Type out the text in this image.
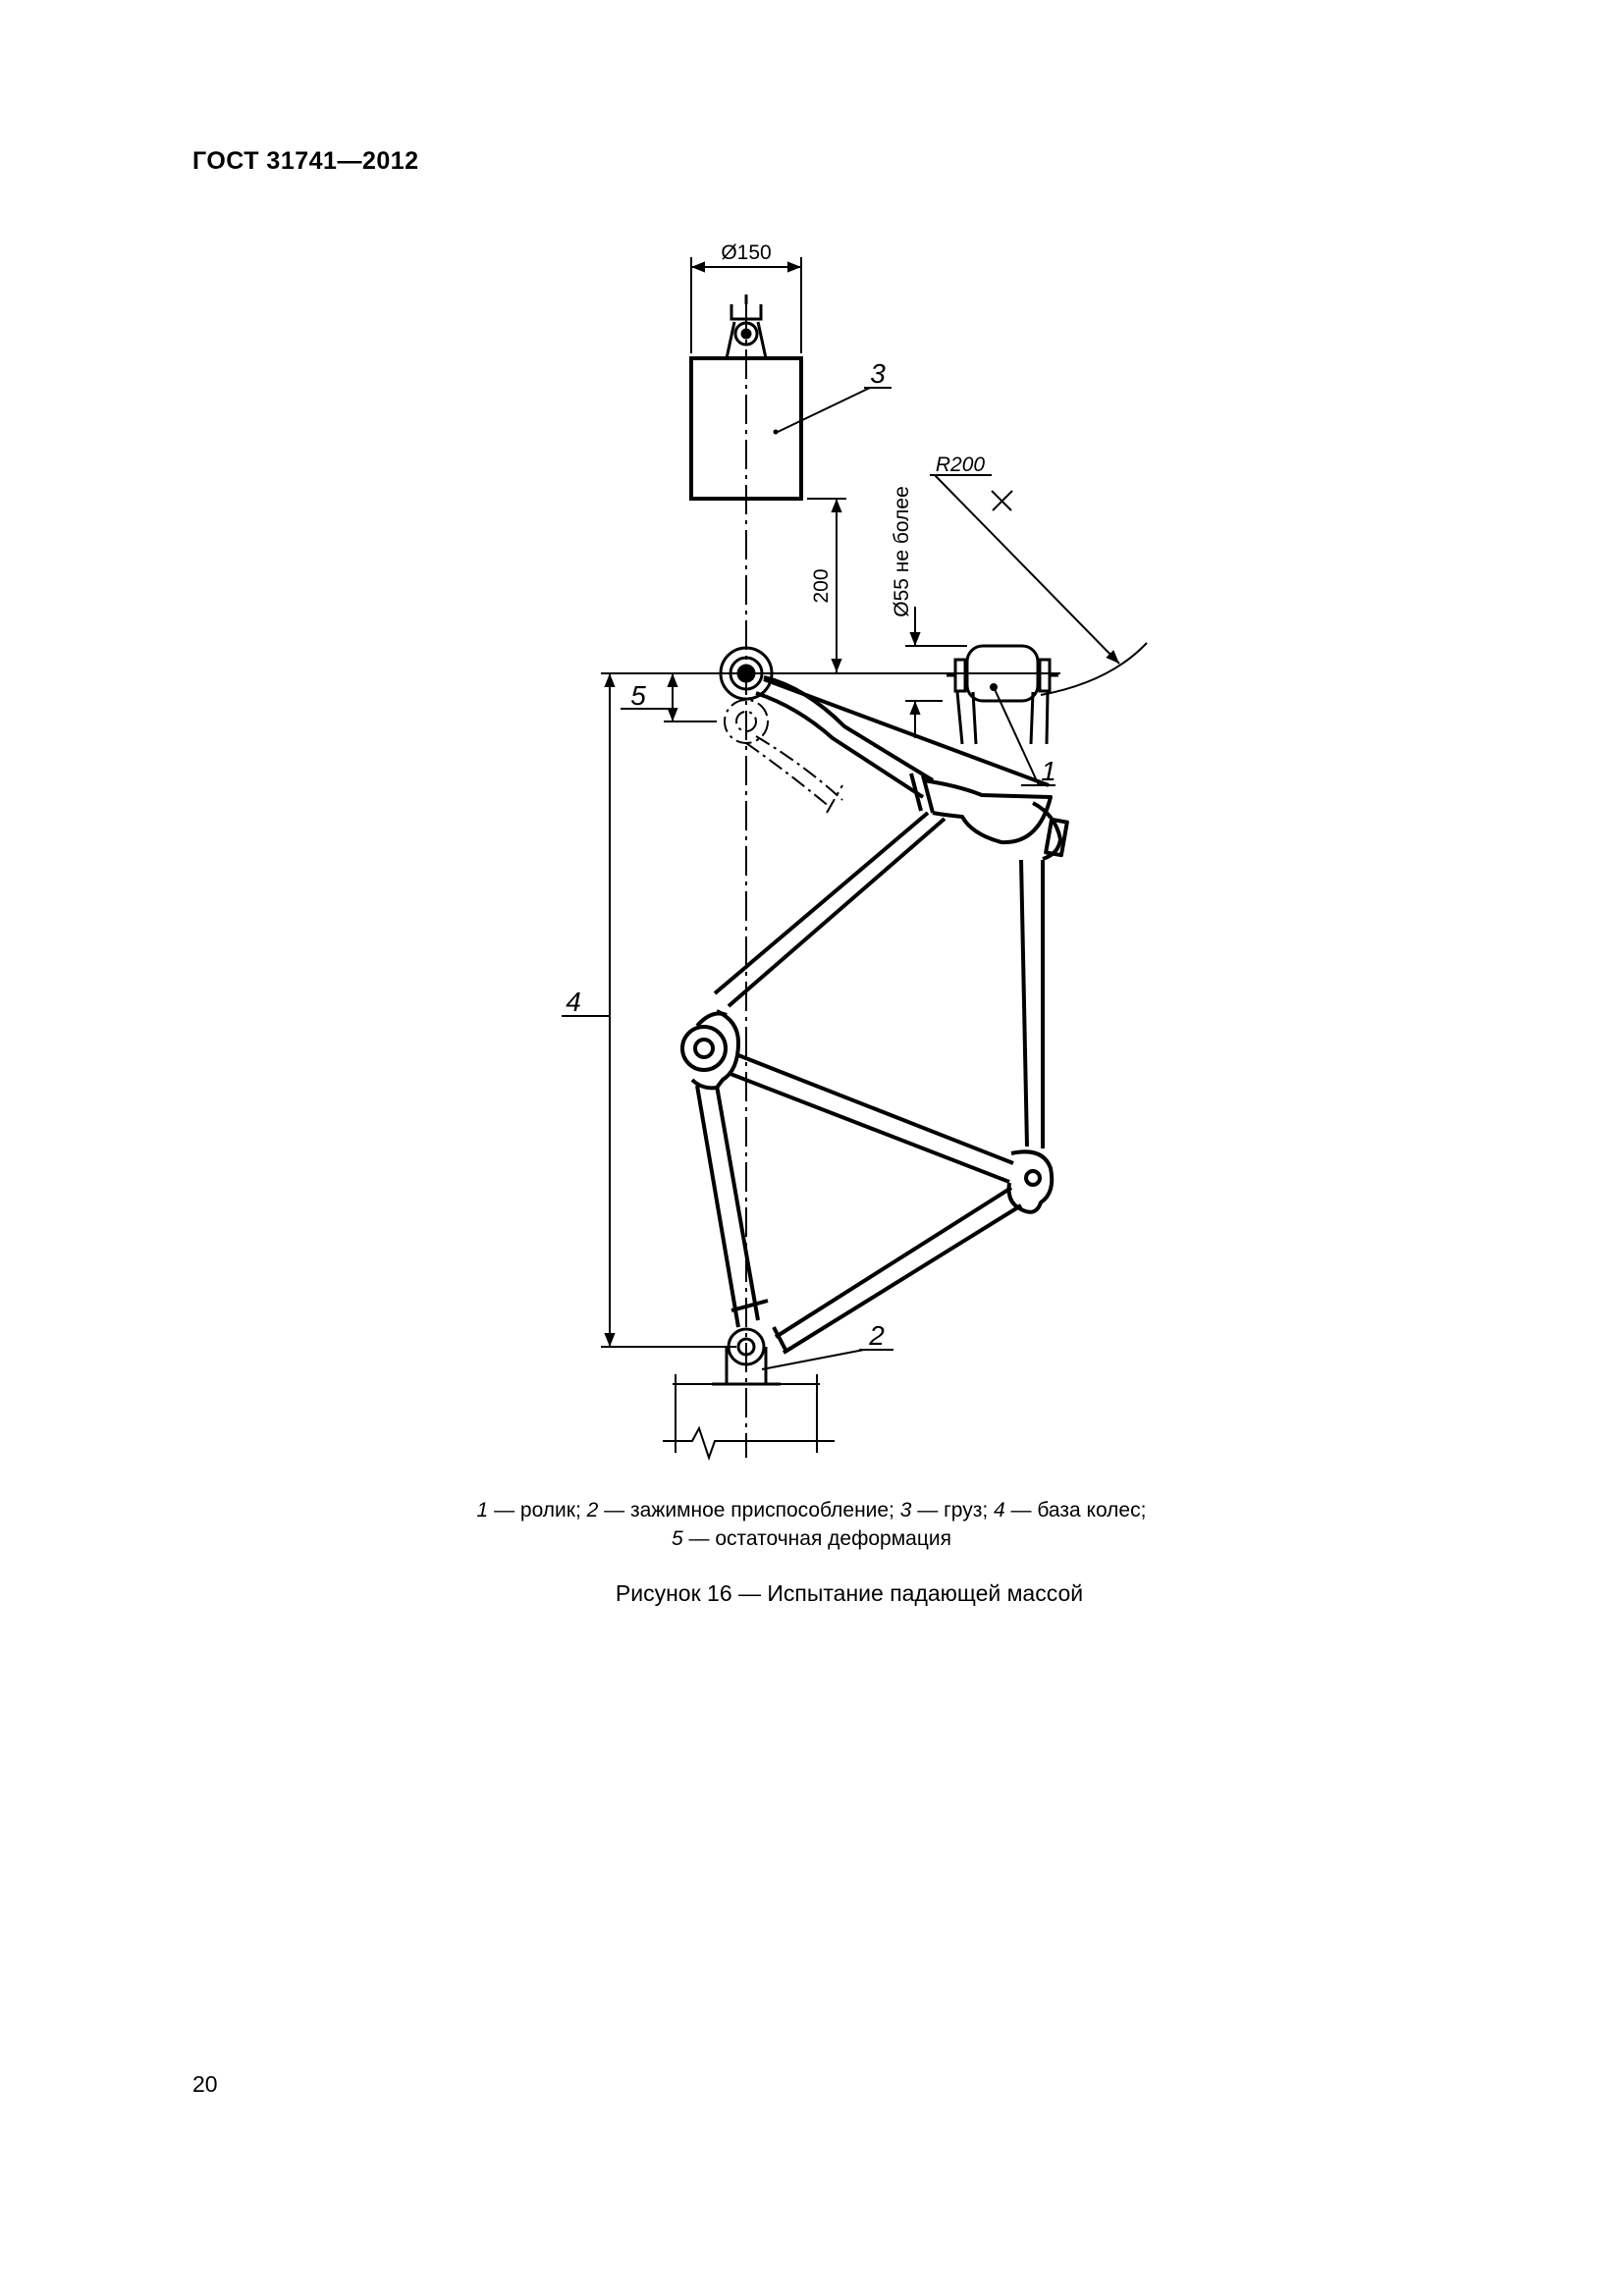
ГОСТ 31741—2012
Ø150
3
200
4
5
2
Ø55 не более
R200
1
1 — ролик; 2 — зажимное приспособление; 3 — груз; 4 — база колес;
5 — остаточная деформация
Рисунок 16 — Испытание падающей массой
20
